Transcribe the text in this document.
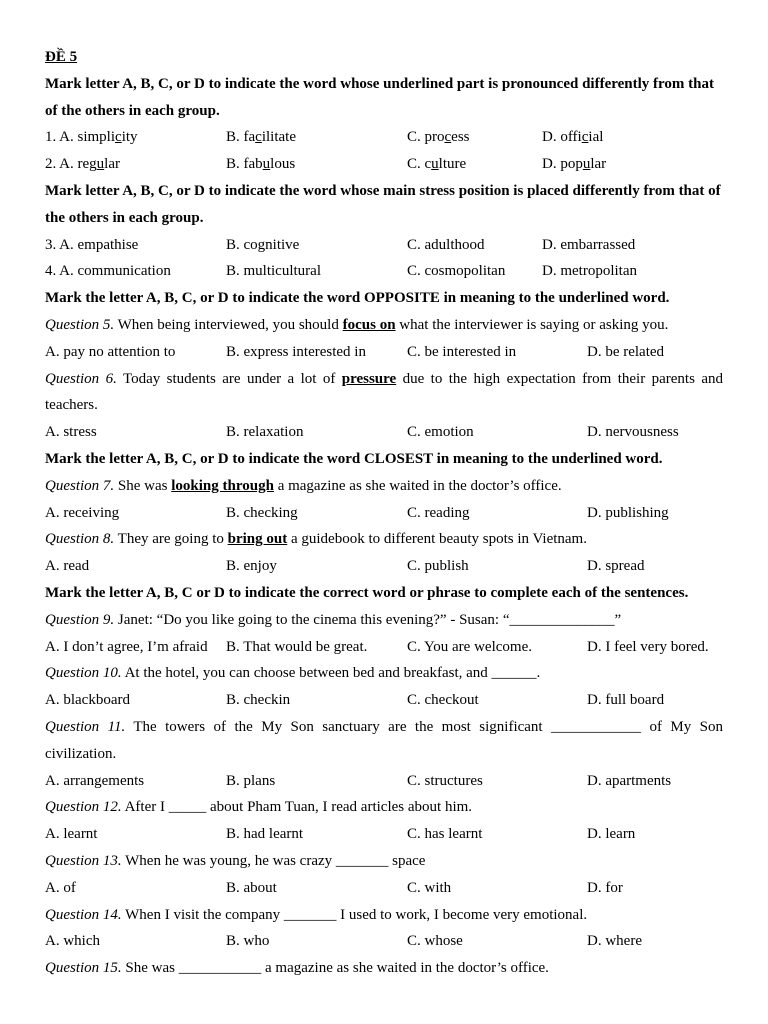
ĐỀ 5
Mark letter A, B, C, or D to indicate the word whose underlined part is pronounced differently from that of the others in each group.
1. A. simplicity	B. facilitate	C. process	D. official
2. A. regular	B. fabulous	C. culture	D. popular
Mark letter A, B, C, or D to indicate the word whose main stress position is placed differently from that of the others in each group.
3. A. empathise	B. cognitive	C. adulthood	D. embarrassed
4. A. communication	B. multicultural	C. cosmopolitan D. metropolitan
Mark the letter A, B, C, or D to indicate the word OPPOSITE in meaning to the underlined word.
Question 5. When being interviewed, you should focus on what the interviewer is saying or asking you.
A. pay no attention to	B. express interested in	C. be interested in	D. be related
Question 6. Today students are under a lot of pressure due to the high expectation from their parents and teachers.
A. stress	B. relaxation	C. emotion	D. nervousness
Mark the letter A, B, C, or D to indicate the word CLOSEST in meaning to the underlined word.
Question 7. She was looking through a magazine as she waited in the doctor’s office.
A. receiving	B. checking	C. reading	D. publishing
Question 8. They are going to bring out a guidebook to different beauty spots in Vietnam.
A. read	B. enjoy	C. publish	D. spread
Mark the letter A, B, C or D to indicate the correct word or phrase to complete each of the sentences.
Question 9. Janet: “Do you like going to the cinema this evening?” - Susan: “______________”
A. I don’t agree, I’m afraid B. That would be great.	C. You are welcome.	D. I feel very bored.
Question 10. At the hotel, you can choose between bed and breakfast, and ______.
A. blackboard	B. checkin	C. checkout	D. full board
Question 11. The towers of the My Son sanctuary are the most significant ____________ of My Son civilization.
A. arrangements	B. plans	C. structures	D. apartments
Question 12. After I _____ about Pham Tuan, I read articles about him.
A. learnt	B. had learnt	C. has learnt	D. learn
Question 13. When he was young, he was crazy _______ space
A. of	B. about	C. with	D. for
Question 14. When I visit the company _______ I used to work, I become very emotional.
A. which	B. who	C. whose	D. where
Question 15. She was ___________ a magazine as she waited in the doctor’s office.
